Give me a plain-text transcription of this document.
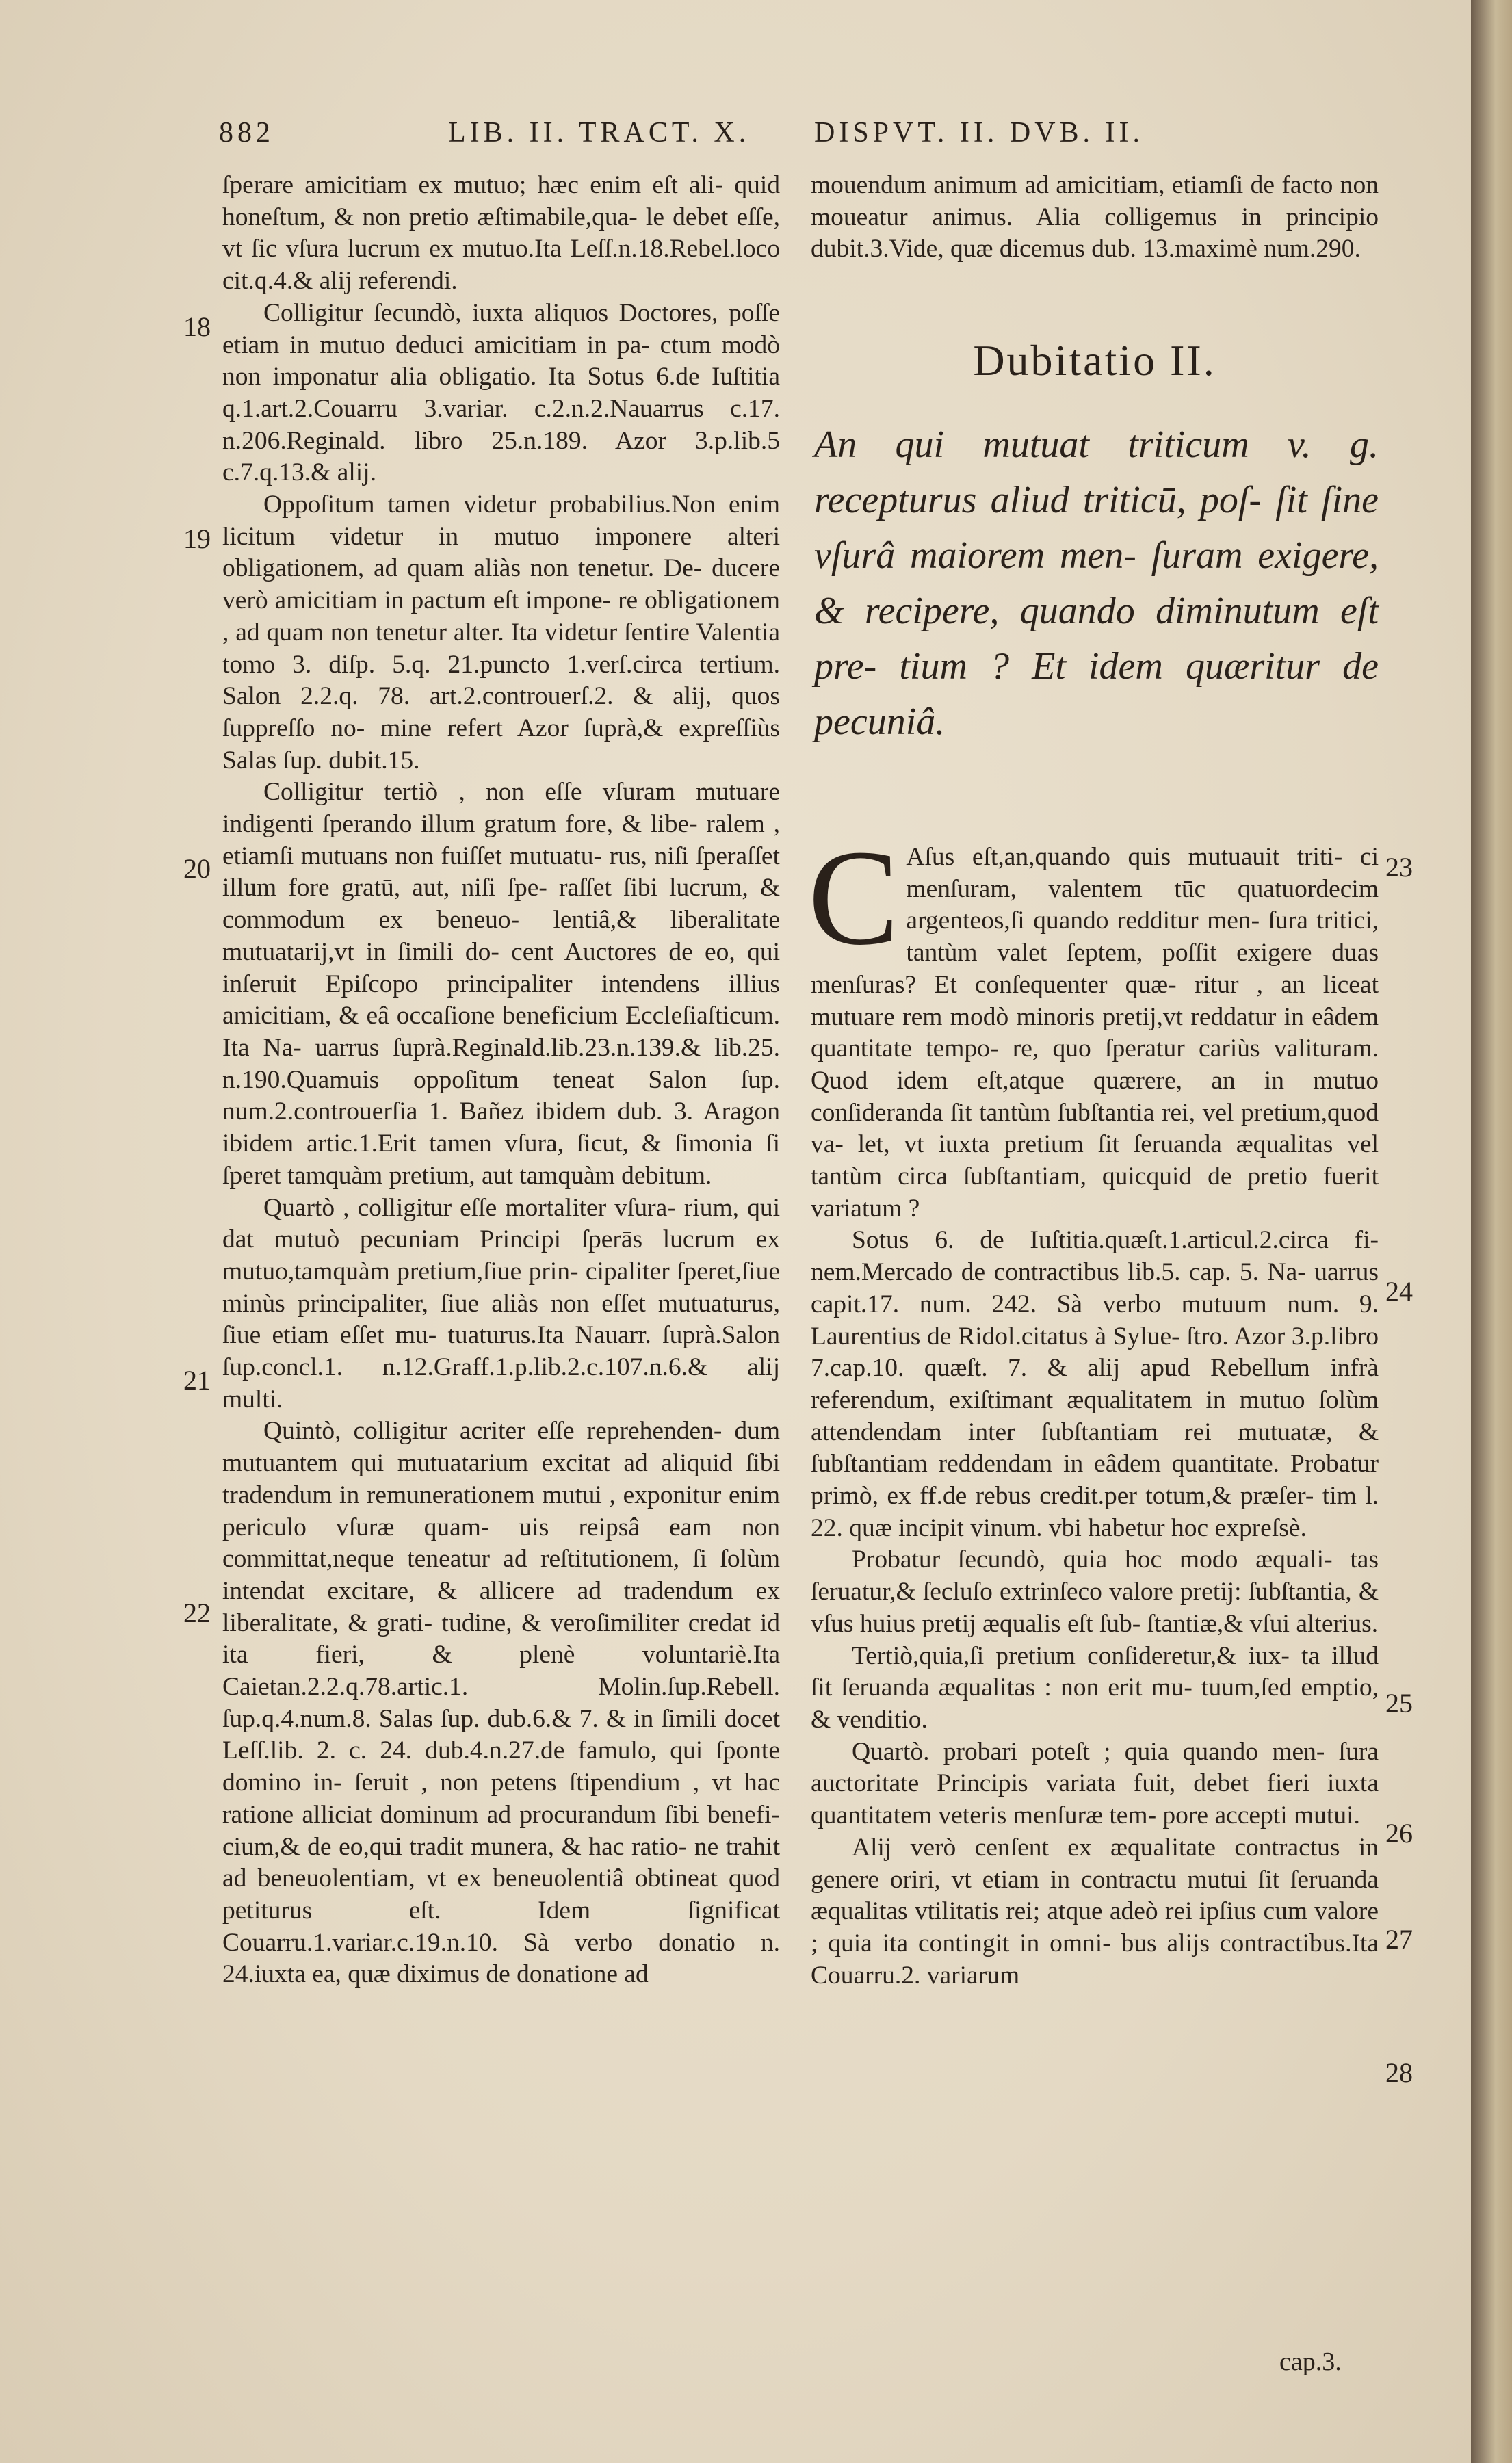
882	LIB. II. TRACT. X. DISPVT. II. DVB. II.

ſperare amicitiam ex mutuo; hæc enim eſt ali- quid honeſtum, & non pretio æſtimabile,qua- le debet eſſe, vt ſic vſura lucrum ex mutuo.Ita Leſſ.n.18.Rebel.loco cit.q.4.& alij referendi.

Colligitur ſecundò, iuxta aliquos Doctores, poſſe etiam in mutuo deduci amicitiam in pa- ctum modò non imponatur alia obligatio. Ita Sotus 6.de Iuſtitia q.1.art.2.Couarru 3.variar. c.2.n.2.Nauarrus c.17. n.206.Reginald. libro 25.n.189. Azor 3.p.lib.5 c.7.q.13.& alij.

Oppoſitum tamen videtur probabilius.Non enim licitum videtur in mutuo imponere alteri obligationem, ad quam aliàs non tenetur. De- ducere verò amicitiam in pactum eſt impone- re obligationem , ad quam non tenetur alter. Ita videtur ſentire Valentia tomo 3. diſp. 5.q. 21.puncto 1.verſ.circa tertium. Salon 2.2.q. 78. art.2.controuerſ.2. & alij, quos ſuppreſſo no- mine refert Azor ſuprà,& expreſſiùs Salas ſup. dubit.15.

Colligitur tertiò , non eſſe vſuram mutuare indigenti ſperando illum gratum fore, & libe- ralem , etiamſi mutuans non fuiſſet mutuatu- rus, niſi ſperaſſet illum fore gratū, aut, niſi ſpe- raſſet ſibi lucrum, & commodum ex beneuo- lentiâ,& liberalitate mutuatarij,vt in ſimili do- cent Auctores de eo, qui inſeruit Epiſcopo principaliter intendens illius amicitiam, & eâ occaſione beneficium Eccleſiaſticum. Ita Na- uarrus ſuprà.Reginald.lib.23.n.139.& lib.25. n.190.Quamuis oppoſitum teneat Salon ſup. num.2.controuerſia 1. Bañez ibidem dub. 3. Aragon ibidem artic.1.Erit tamen vſura, ſicut, & ſimonia ſi ſperet tamquàm pretium, aut tamquàm debitum.

Quartò , colligitur eſſe mortaliter vſura- rium, qui dat mutuò pecuniam Principi ſperās lucrum ex mutuo,tamquàm pretium,ſiue prin- cipaliter ſperet,ſiue minùs principaliter, ſiue aliàs non eſſet mutuaturus, ſiue etiam eſſet mu- tuaturus.Ita Nauarr. ſuprà.Salon ſup.concl.1. n.12.Graff.1.p.lib.2.c.107.n.6.& alij multi.

Quintò, colligitur acriter eſſe reprehenden- dum mutuantem qui mutuatarium excitat ad aliquid ſibi tradendum in remunerationem mutui , exponitur enim periculo vſuræ quam- uis reipsâ eam non committat,neque teneatur ad reſtitutionem, ſi ſolùm intendat excitare, & allicere ad tradendum ex liberalitate, & grati- tudine, & veroſimiliter credat id ita fieri, & plenè voluntariè.Ita Caietan.2.2.q.78.artic.1. Molin.ſup.Rebell. ſup.q.4.num.8. Salas ſup. dub.6.& 7. & in ſimili docet Leſſ.lib. 2. c. 24. dub.4.n.27.de famulo, qui ſponte domino in- ſeruit , non petens ſtipendium , vt hac ratione alliciat dominum ad procurandum ſibi benefi- cium,& de eo,qui tradit munera, & hac ratio- ne trahit ad beneuolentiam, vt ex beneuolentiâ obtineat quod petiturus eſt. Idem ſignificat Couarru.1.variar.c.19.n.10. Sà verbo donatio n. 24.iuxta ea, quæ diximus de donatione ad

18
19
20
21
22

mouendum animum ad amicitiam, etiamſi de facto non moueatur animus. Alia colligemus in principio dubit.3.Vide, quæ dicemus dub. 13.maximè num.290.

Dubitatio II.
An qui mutuat triticum v. g. recepturus aliud triticū, poſ- ſit ſine vſurâ maiorem men- ſuram exigere, & recipere, quando diminutum eſt pre- tium ? Et idem quæritur de pecuniâ.

C Aſus eſt,an,quando quis mutuauit triti- ci menſuram, valentem tūc quatuordecim argenteos,ſi quando redditur men- ſura tritici, tantùm valet ſeptem, poſſit exigere duas menſuras? Et conſequenter quæ- ritur , an liceat mutuare rem modò minoris pretij,vt reddatur in eâdem quantitate tempo- re, quo ſperatur cariùs valituram. Quod idem eſt,atque quærere, an in mutuo conſideranda ſit tantùm ſubſtantia rei, vel pretium,quod va- let, vt iuxta pretium ſit ſeruanda æqualitas vel tantùm circa ſubſtantiam, quicquid de pretio fuerit variatum ?

Sotus 6. de Iuſtitia.quæſt.1.articul.2.circa fi- nem.Mercado de contractibus lib.5. cap. 5. Na- uarrus capit.17. num. 242. Sà verbo mutuum num. 9. Laurentius de Ridol.citatus à Sylue- ſtro. Azor 3.p.libro 7.cap.10. quæſt. 7. & alij apud Rebellum infrà referendum, exiſtimant æqualitatem in mutuo ſolùm attendendam inter ſubſtantiam rei mutuatæ, & ſubſtantiam reddendam in eâdem quantitate. Probatur primò, ex ff.de rebus credit.per totum,& præſer- tim l. 22. quæ incipit vinum. vbi habetur hoc expreſsè.

Probatur ſecundò, quia hoc modo æquali- tas ſeruatur,& ſecluſo extrinſeco valore pretij: ſubſtantia, & vſus huius pretij æqualis eſt ſub- ſtantiæ,& vſui alterius.

Tertiò,quia,ſi pretium conſideretur,& iux- ta illud ſit ſeruanda æqualitas : non erit mu- tuum,ſed emptio, & venditio.

Quartò. probari poteſt ; quia quando men- ſura auctoritate Principis variata fuit, debet fieri iuxta quantitatem veteris menſuræ tem- pore accepti mutui.

Alij verò cenſent ex æqualitate contractus in genere oriri, vt etiam in contractu mutui ſit ſeruanda æqualitas vtilitatis rei; atque adeò rei ipſius cum valore ; quia ita contingit in omni- bus alijs contractibus.Ita Couarru.2. variarum

23
24
25
26
27
28
cap.3.
